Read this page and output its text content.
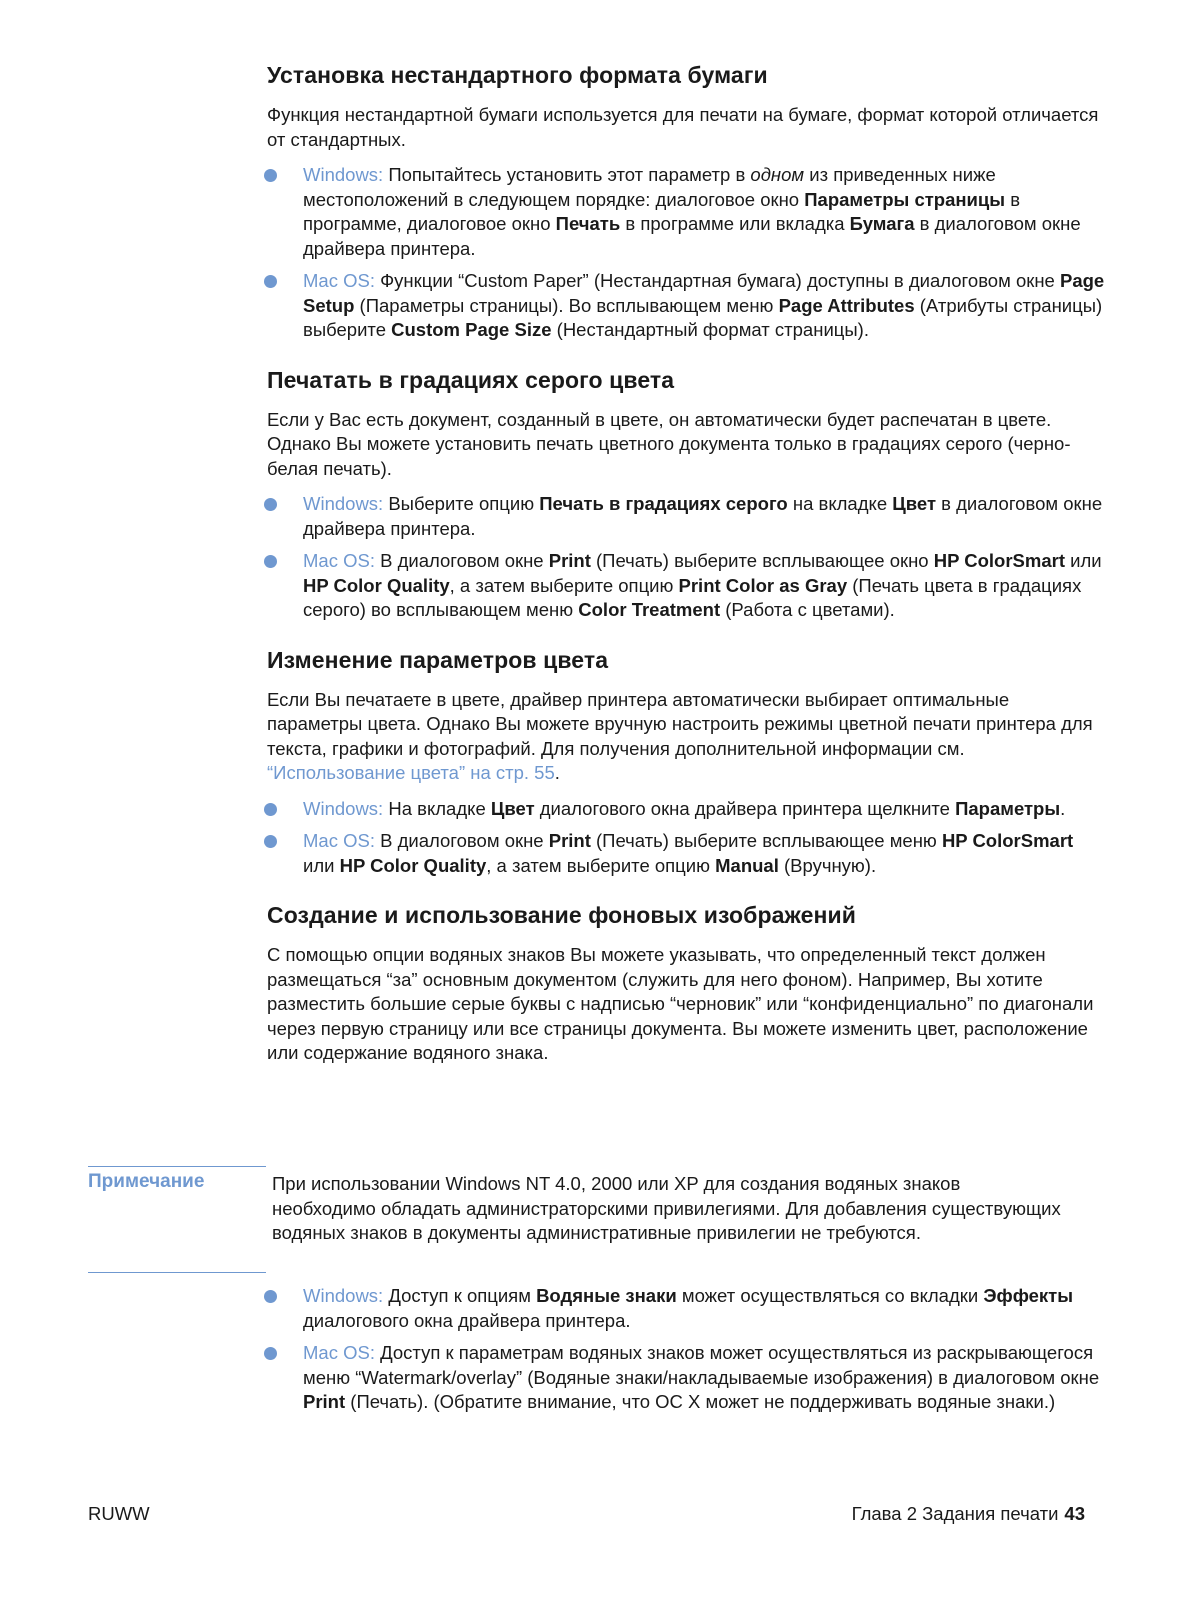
Установка нестандартного формата бумаги

Функция нестандартной бумаги используется для печати на бумаге, формат которой отличается от стандартных.

Windows: Попытайтесь установить этот параметр в одном из приведенных ниже местоположений в следующем порядке: диалоговое окно Параметры страницы в программе, диалоговое окно Печать в программе или вкладка Бумага в диалоговом окне драйвера принтера.
Mac OS: Функции “Custom Paper” (Нестандартная бумага) доступны в диалоговом окне Page Setup (Параметры страницы). Во всплывающем меню Page Attributes (Атрибуты страницы) выберите Custom Page Size (Нестандартный формат страницы).
Печатать в градациях серого цвета

Если у Вас есть документ, созданный в цвете, он автоматически будет распечатан в цвете. Однако Вы можете установить печать цветного документа только в градациях серого (черно-белая печать).

Windows: Выберите опцию Печать в градациях серого на вкладке Цвет в диалоговом окне драйвера принтера.
Mac OS: В диалоговом окне Print (Печать) выберите всплывающее окно HP ColorSmart или HP Color Quality, а затем выберите опцию Print Color as Gray (Печать цвета в градациях серого) во всплывающем меню Color Treatment (Работа с цветами).
Изменение параметров цвета

Если Вы печатаете в цвете, драйвер принтера автоматически выбирает оптимальные параметры цвета. Однако Вы можете вручную настроить режимы цветной печати принтера для текста, графики и фотографий. Для получения дополнительной информации см. “Использование цвета” на стр. 55.

Windows: На вкладке Цвет диалогового окна драйвера принтера щелкните Параметры.
Mac OS: В диалоговом окне Print (Печать) выберите всплывающее меню HP ColorSmart или HP Color Quality, а затем выберите опцию Manual (Вручную).
Создание и использование фоновых изображений

С помощью опции водяных знаков Вы можете указывать, что определенный текст должен размещаться “за” основным документом (служить для него фоном). Например, Вы хотите разместить большие серые буквы с надписью “черновик” или “конфиденциально” по диагонали через первую страницу или все страницы документа. Вы можете изменить цвет, расположение или содержание водяного знака.

Примечание	При использовании Windows NT 4.0, 2000 или XP для создания водяных знаков необходимо обладать администраторскими привилегиями. Для добавления существующих водяных знаков в документы административные привилегии не требуются.
Windows: Доступ к опциям Водяные знаки может осуществляться со вкладки Эффекты диалогового окна драйвера принтера.
Mac OS: Доступ к параметрам водяных знаков может осуществляться из раскрывающегося меню “Watermark/overlay” (Водяные знаки/накладываемые изображения) в диалоговом окне Print (Печать). (Обратите внимание, что ОС X может не поддерживать водяные знаки.)
RUWW	Глава 2 Задания печати 43
